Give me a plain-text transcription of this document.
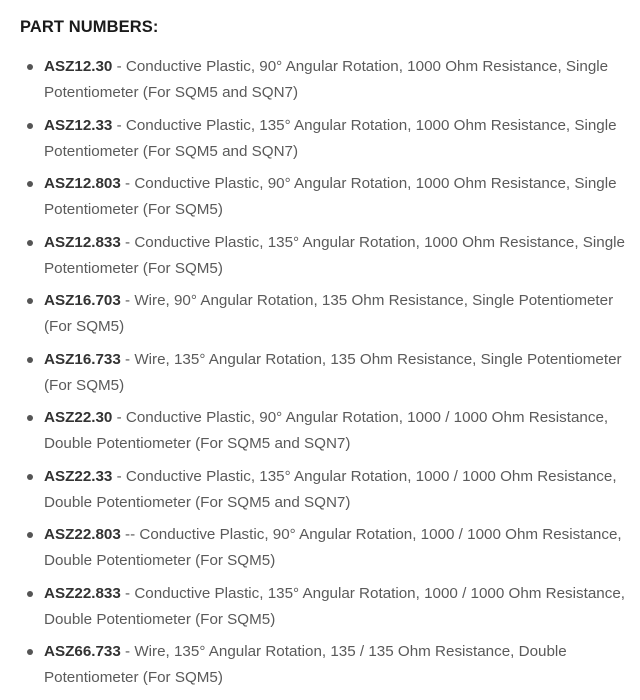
PART NUMBERS:
ASZ12.30 - Conductive Plastic, 90° Angular Rotation, 1000 Ohm Resistance, Single Potentiometer (For SQM5 and SQN7)
ASZ12.33 - Conductive Plastic, 135° Angular Rotation, 1000 Ohm Resistance, Single Potentiometer (For SQM5 and SQN7)
ASZ12.803 - Conductive Plastic, 90° Angular Rotation, 1000 Ohm Resistance, Single Potentiometer (For SQM5)
ASZ12.833 - Conductive Plastic, 135° Angular Rotation, 1000 Ohm Resistance, Single Potentiometer (For SQM5)
ASZ16.703 - Wire, 90° Angular Rotation, 135 Ohm Resistance, Single Potentiometer (For SQM5)
ASZ16.733 - Wire, 135° Angular Rotation, 135 Ohm Resistance, Single Potentiometer (For SQM5)
ASZ22.30 - Conductive Plastic, 90° Angular Rotation, 1000 / 1000 Ohm Resistance, Double Potentiometer (For SQM5 and SQN7)
ASZ22.33 - Conductive Plastic, 135° Angular Rotation, 1000 / 1000 Ohm Resistance, Double Potentiometer (For SQM5 and SQN7)
ASZ22.803 -- Conductive Plastic, 90° Angular Rotation, 1000 / 1000 Ohm Resistance, Double Potentiometer (For SQM5)
ASZ22.833 - Conductive Plastic, 135° Angular Rotation, 1000 / 1000 Ohm Resistance, Double Potentiometer (For SQM5)
ASZ66.733 - Wire, 135° Angular Rotation, 135 / 135 Ohm Resistance, Double Potentiometer (For SQM5)
